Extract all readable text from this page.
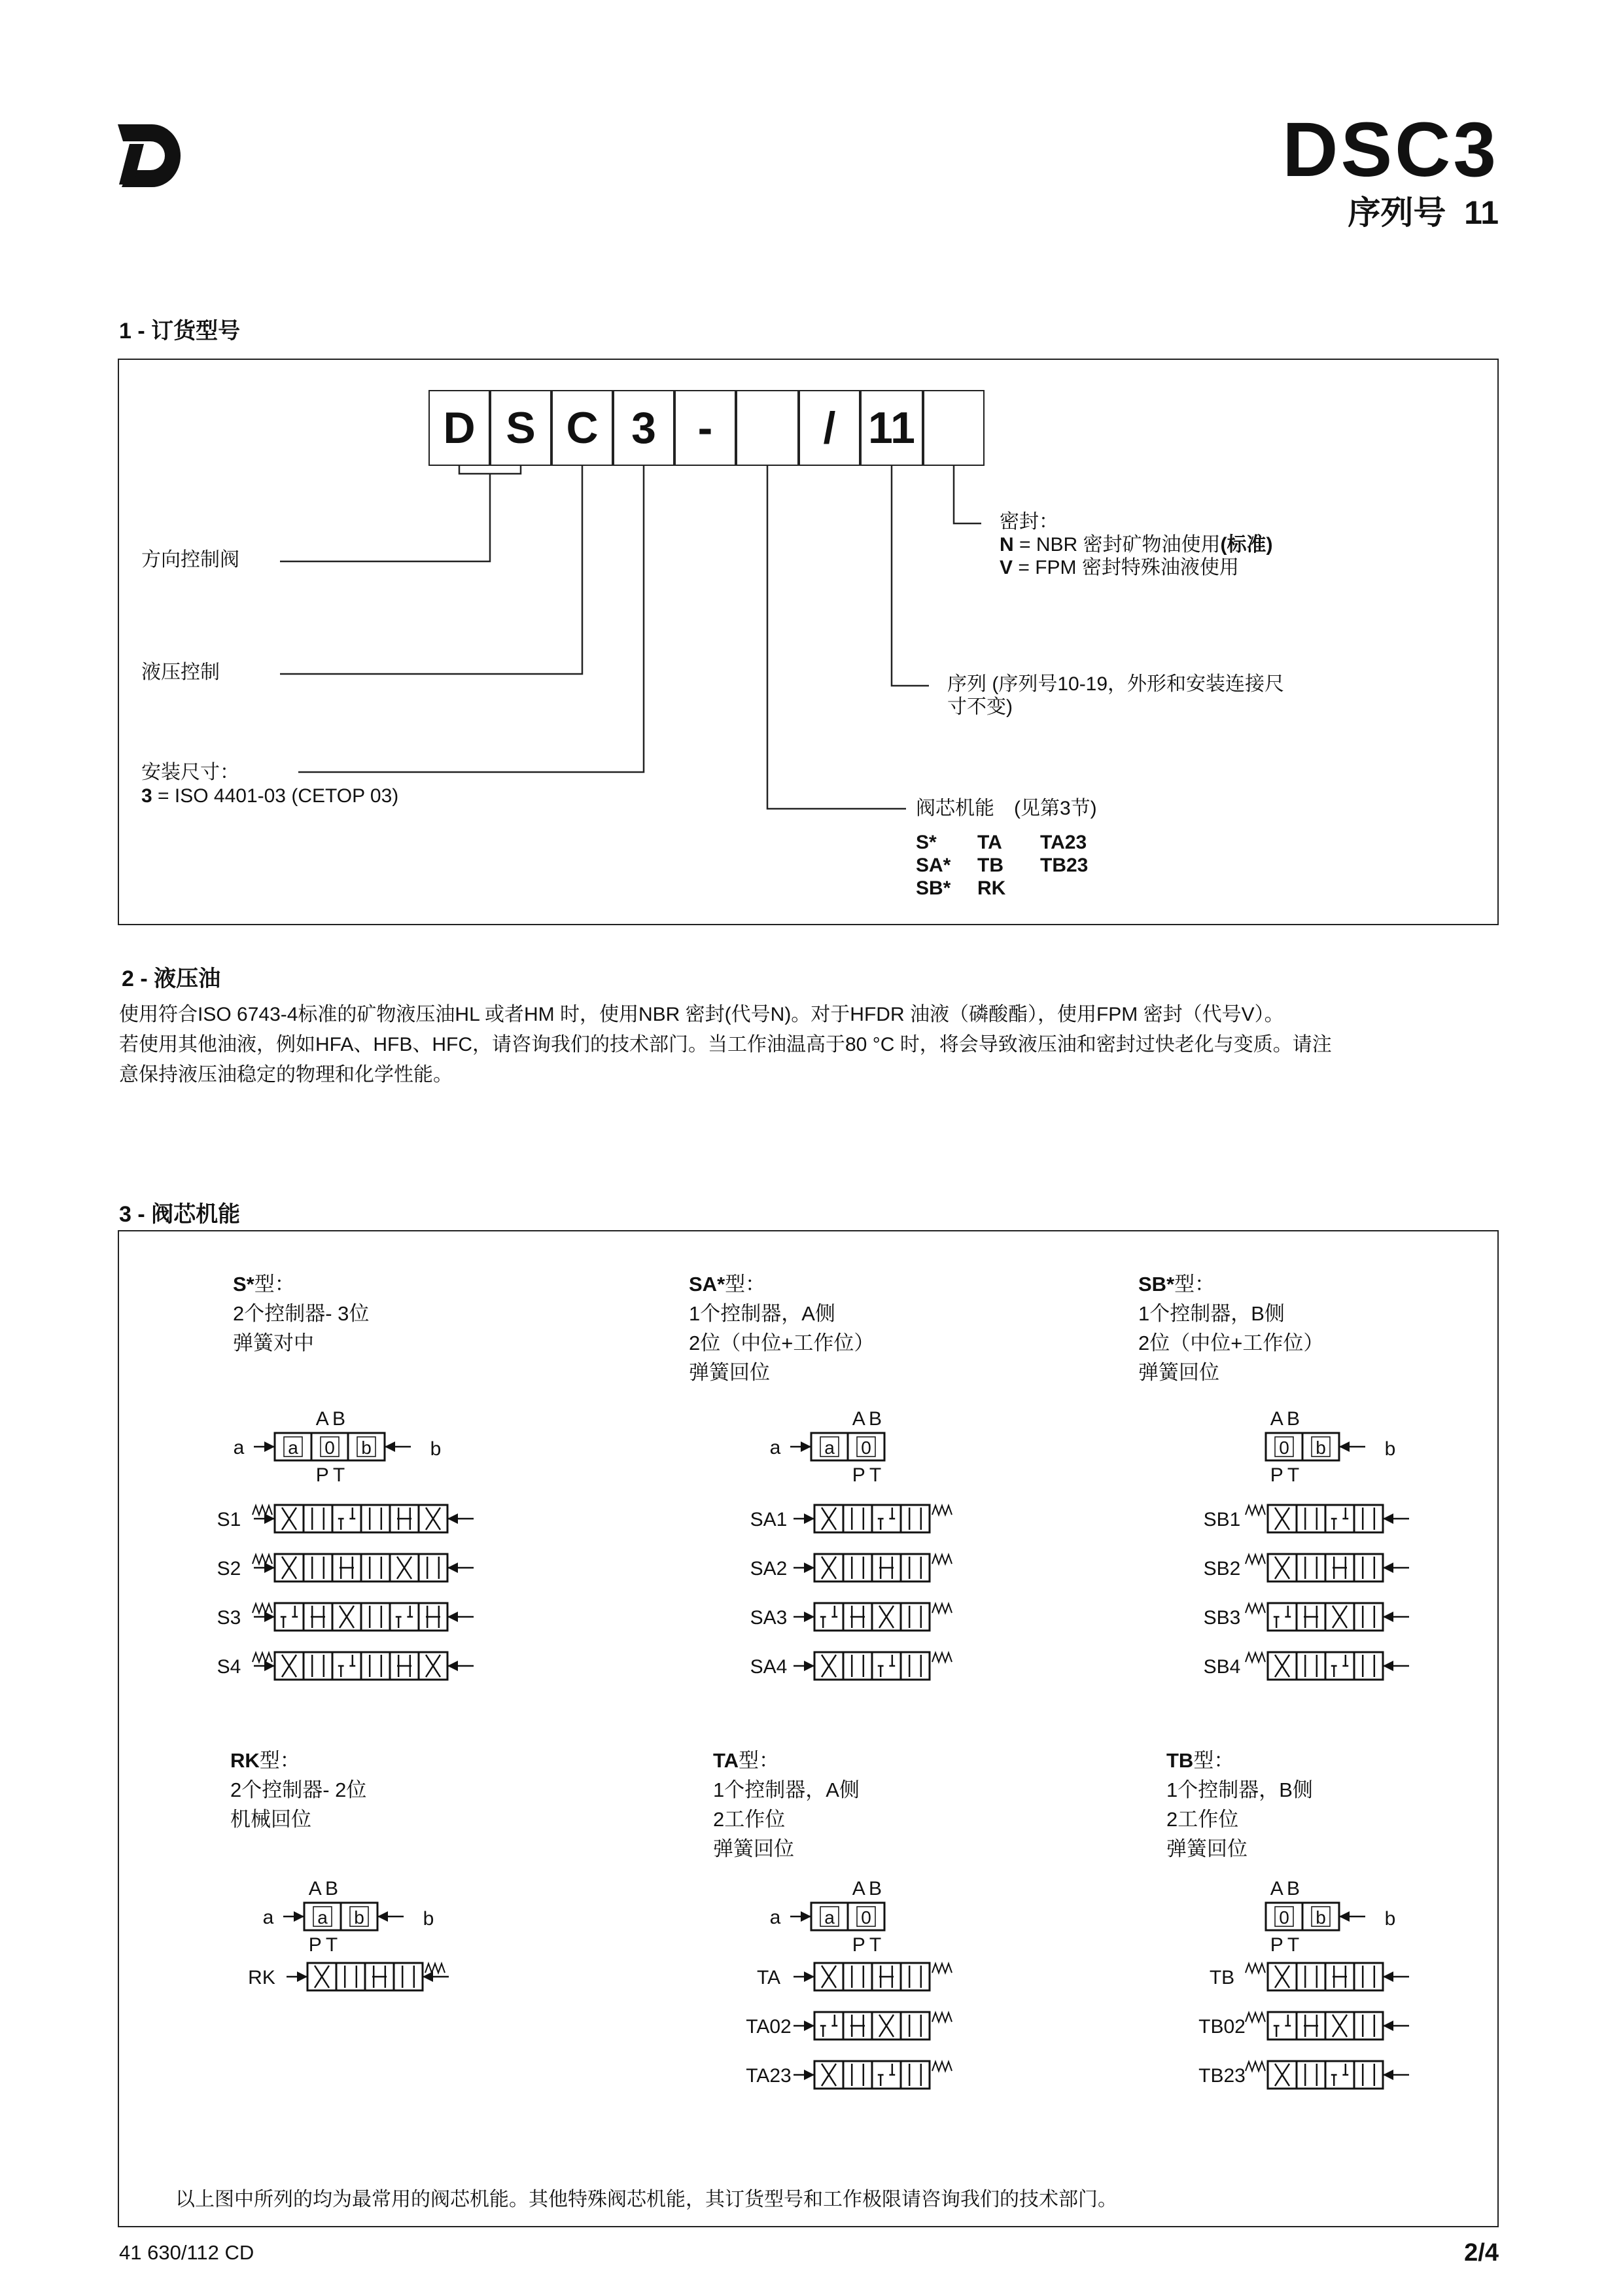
DSC3
序列号 11
1 - 订货型号
D S C 3 -	/ 11
方向控制阀
液压控制
安装尺寸：
3 = ISO 4401-03 (CETOP 03)
密封：
N = NBR 密封矿物油使用(标准)
V = FPM 密封特殊油液使用
序列 (序列号10-19，外形和安装连接尺
寸不变)
阀芯机能　(见第3节)
S* TA TA23
SA* TB TB23
SB* RK
2 - 液压油
使用符合ISO 6743-4标准的矿物液压油HL 或者HM 时，使用NBR 密封(代号N)。对于HFDR 油液（磷酸酯），使用FPM 密封（代号V）。
若使用其他油液，例如HFA、HFB、HFC，请咨询我们的技术部门。当工作油温高于80 °C 时，将会导致液压油和密封过快老化与变质。请注
意保持液压油稳定的物理和化学性能。
3 - 阀芯机能
S*型：
2个控制器- 3位
弹簧对中
SA*型：
1个控制器，A侧
2位（中位+工作位）
弹簧回位
SB*型：
1个控制器，B侧
2位（中位+工作位）
弹簧回位
RK型：
2个控制器- 2位
机械回位
TA型：
1个控制器，A侧
2工作位
弹簧回位
TB型：
1个控制器，B侧
2工作位
弹簧回位
A B
P T
a 0 b
a	b
S1
S2
S3
S4
A B
P T
a 0
a
SA1
SA2
SA3
SA4
A B
P T
0 b	b
SB1
SB2
SB3
SB4
A B
P T
a b
a	b
RK
A B
P T
a 0
a
TA
TA02
TA23
A B
P T
0 b	b
TB
TB02
TB23
以上图中所列的均为最常用的阀芯机能。其他特殊阀芯机能，其订货型号和工作极限请咨询我们的技术部门。
41 630/112 CD	2/4
